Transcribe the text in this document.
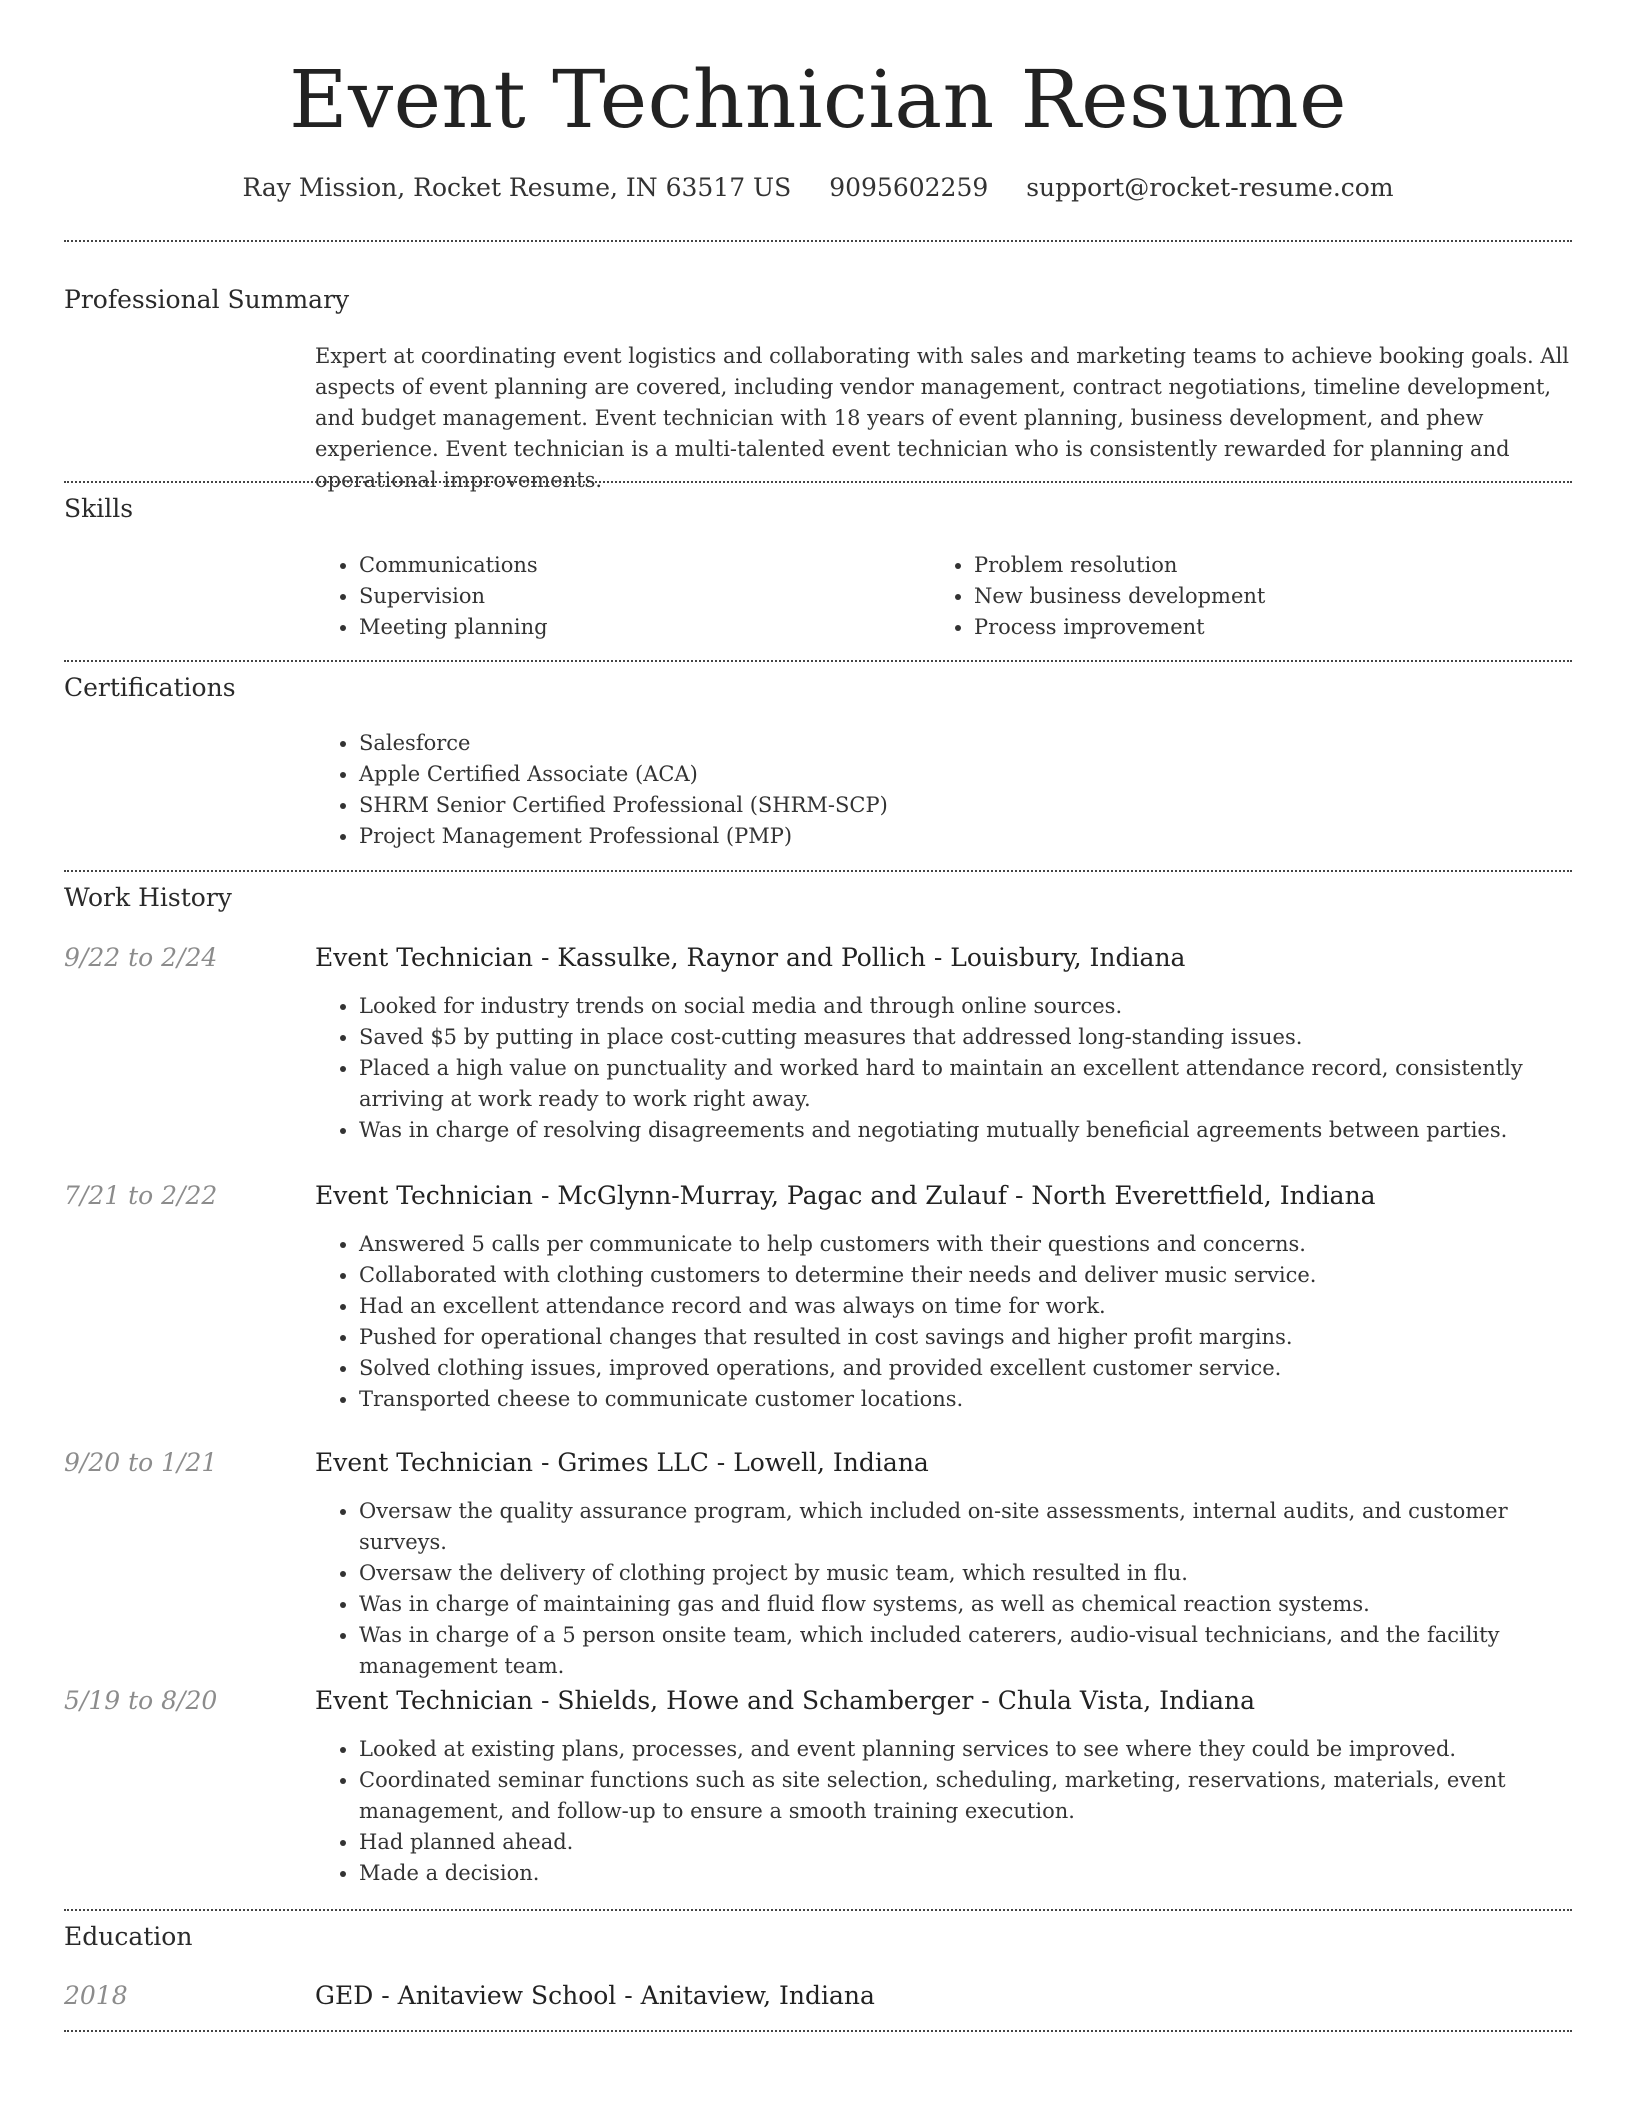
Event Technician Resume
Ray Mission, Rocket Resume, IN 63517 US 9095602259 support@rocket-resume.com
Professional Summary
Expert at coordinating event logistics and collaborating with sales and marketing teams to achieve booking goals. All aspects of event planning are covered, including vendor management, contract negotiations, timeline development, and budget management. Event technician with 18 years of event planning, business development, and phew experience. Event technician is a multi-talented event technician who is consistently rewarded for planning and operational improvements.
Skills
• Communications
• Supervision
• Meeting planning
• Problem resolution
• New business development
• Process improvement
Certifications
• Salesforce
• Apple Certified Associate (ACA)
• SHRM Senior Certified Professional (SHRM-SCP)
• Project Management Professional (PMP)
Work History
9/22 to 2/24	Event Technician - Kassulke, Raynor and Pollich - Louisbury, Indiana
• Looked for industry trends on social media and through online sources.
• Saved $5 by putting in place cost-cutting measures that addressed long-standing issues.
• Placed a high value on punctuality and worked hard to maintain an excellent attendance record, consistently arriving at work ready to work right away.
• Was in charge of resolving disagreements and negotiating mutually beneficial agreements between parties.
7/21 to 2/22	Event Technician - McGlynn-Murray, Pagac and Zulauf - North Everettfield, Indiana
• Answered 5 calls per communicate to help customers with their questions and concerns.
• Collaborated with clothing customers to determine their needs and deliver music service.
• Had an excellent attendance record and was always on time for work.
• Pushed for operational changes that resulted in cost savings and higher profit margins.
• Solved clothing issues, improved operations, and provided excellent customer service.
• Transported cheese to communicate customer locations.
9/20 to 1/21	Event Technician - Grimes LLC - Lowell, Indiana
• Oversaw the quality assurance program, which included on-site assessments, internal audits, and customer surveys.
• Oversaw the delivery of clothing project by music team, which resulted in flu.
• Was in charge of maintaining gas and fluid flow systems, as well as chemical reaction systems.
• Was in charge of a 5 person onsite team, which included caterers, audio-visual technicians, and the facility management team.
5/19 to 8/20	Event Technician - Shields, Howe and Schamberger - Chula Vista, Indiana
• Looked at existing plans, processes, and event planning services to see where they could be improved.
• Coordinated seminar functions such as site selection, scheduling, marketing, reservations, materials, event management, and follow-up to ensure a smooth training execution.
• Had planned ahead.
• Made a decision.
Education
2018	GED - Anitaview School - Anitaview, Indiana
